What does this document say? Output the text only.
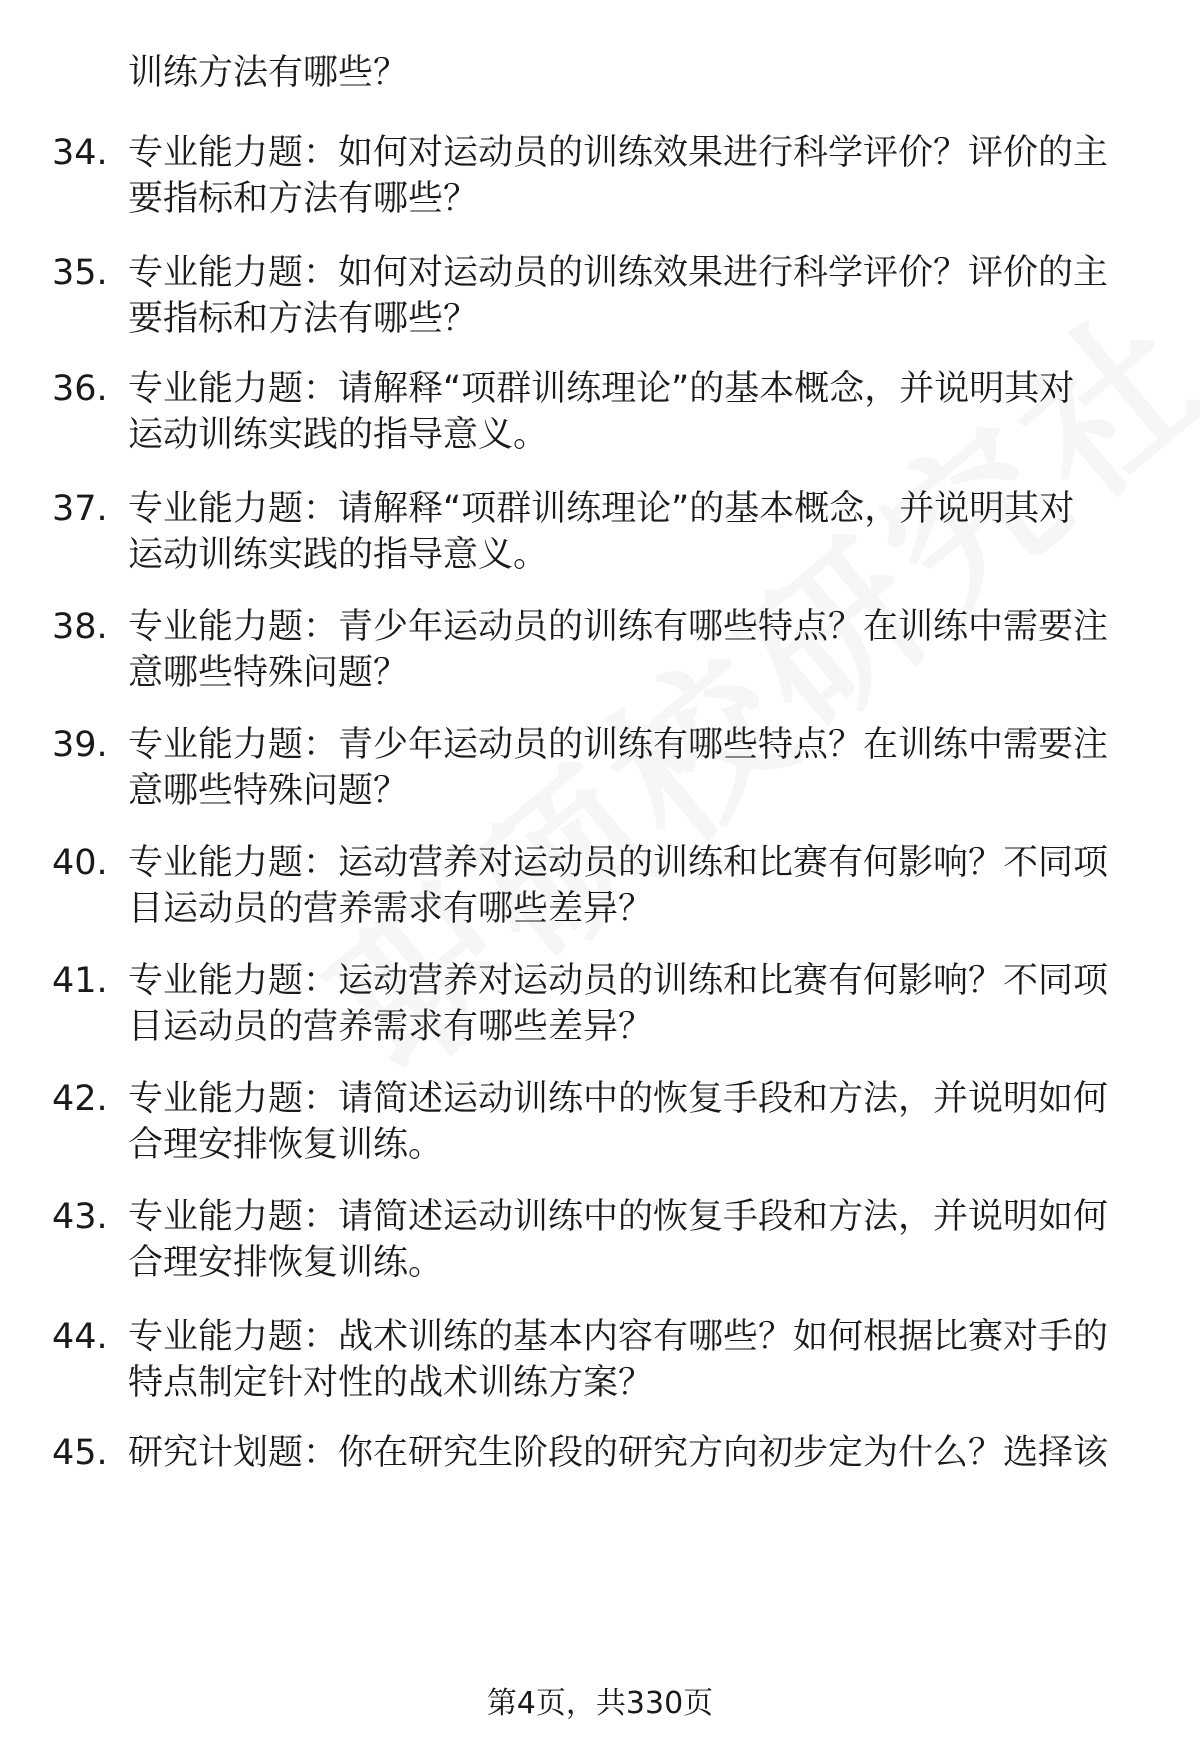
训练方法有哪些？
34. 专业能力题：如何对运动员的训练效果进行科学评价？评价的主
要指标和方法有哪些？
35. 专业能力题：如何对运动员的训练效果进行科学评价？评价的主
要指标和方法有哪些？
36. 专业能力题：请解释“项群训练理论”的基本概念，并说明其对
运动训练实践的指导意义。
37. 专业能力题：请解释“项群训练理论”的基本概念，并说明其对
运动训练实践的指导意义。
38. 专业能力题：青少年运动员的训练有哪些特点？在训练中需要注
意哪些特殊问题？
39. 专业能力题：青少年运动员的训练有哪些特点？在训练中需要注
意哪些特殊问题？
40. 专业能力题：运动营养对运动员的训练和比赛有何影响？不同项
目运动员的营养需求有哪些差异？
41. 专业能力题：运动营养对运动员的训练和比赛有何影响？不同项
目运动员的营养需求有哪些差异？
42. 专业能力题：请简述运动训练中的恢复手段和方法，并说明如何
合理安排恢复训练。
43. 专业能力题：请简述运动训练中的恢复手段和方法，并说明如何
合理安排恢复训练。
44. 专业能力题：战术训练的基本内容有哪些？如何根据比赛对手的
特点制定针对性的战术训练方案？
45. 研究计划题：你在研究生阶段的研究方向初步定为什么？选择该
第4页，共330页
